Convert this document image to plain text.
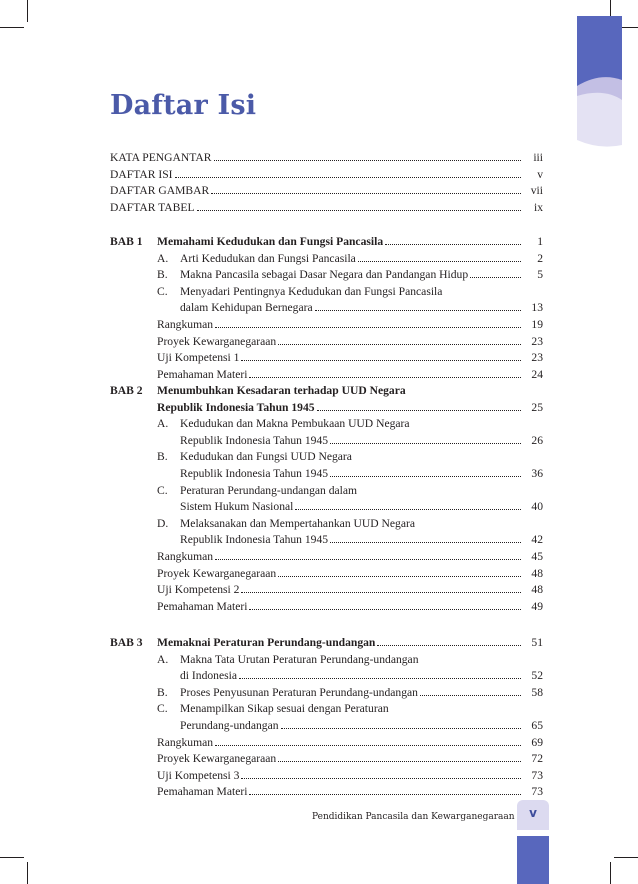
Daftar Isi
Pendidikan Pancasila dan Kewarganegaraan	v
KATA PENGANTAR	iii
DAFTAR ISI	v
DAFTAR GAMBAR	vii
DAFTAR TABEL	ix
BAB 1 Memahami Kedudukan dan Fungsi Pancasila	1
A. Arti Kedudukan dan Fungsi Pancasila	2
B. Makna Pancasila sebagai Dasar Negara dan Pandangan Hidup	5
C. Menyadari Pentingnya Kedudukan dan Fungsi Pancasila
dalam Kehidupan Bernegara	13
Rangkuman	19
Proyek Kewarganegaraan	23
Uji Kompetensi 1	23
Pemahaman Materi	24
BAB 2 Menumbuhkan Kesadaran terhadap UUD Negara
Republik Indonesia Tahun 1945	25
A. Kedudukan dan Makna Pembukaan UUD Negara
Republik Indonesia Tahun 1945	26
B. Kedudukan dan Fungsi UUD Negara
Republik Indonesia Tahun 1945	36
C. Peraturan Perundang-undangan dalam
Sistem Hukum Nasional	40
D. Melaksanakan dan Mempertahankan UUD Negara
Republik Indonesia Tahun 1945	42
Rangkuman	45
Proyek Kewarganegaraan	48
Uji Kompetensi 2	48
Pemahaman Materi	49
BAB 3 Memaknai Peraturan Perundang-undangan	51
A. Makna Tata Urutan Peraturan Perundang-undangan
di Indonesia	52
B. Proses Penyusunan Peraturan Perundang-undangan	58
C. Menampilkan Sikap sesuai dengan Peraturan
Perundang-undangan	65
Rangkuman	69
Proyek Kewarganegaraan	72
Uji Kompetensi 3	73
Pemahaman Materi	73
